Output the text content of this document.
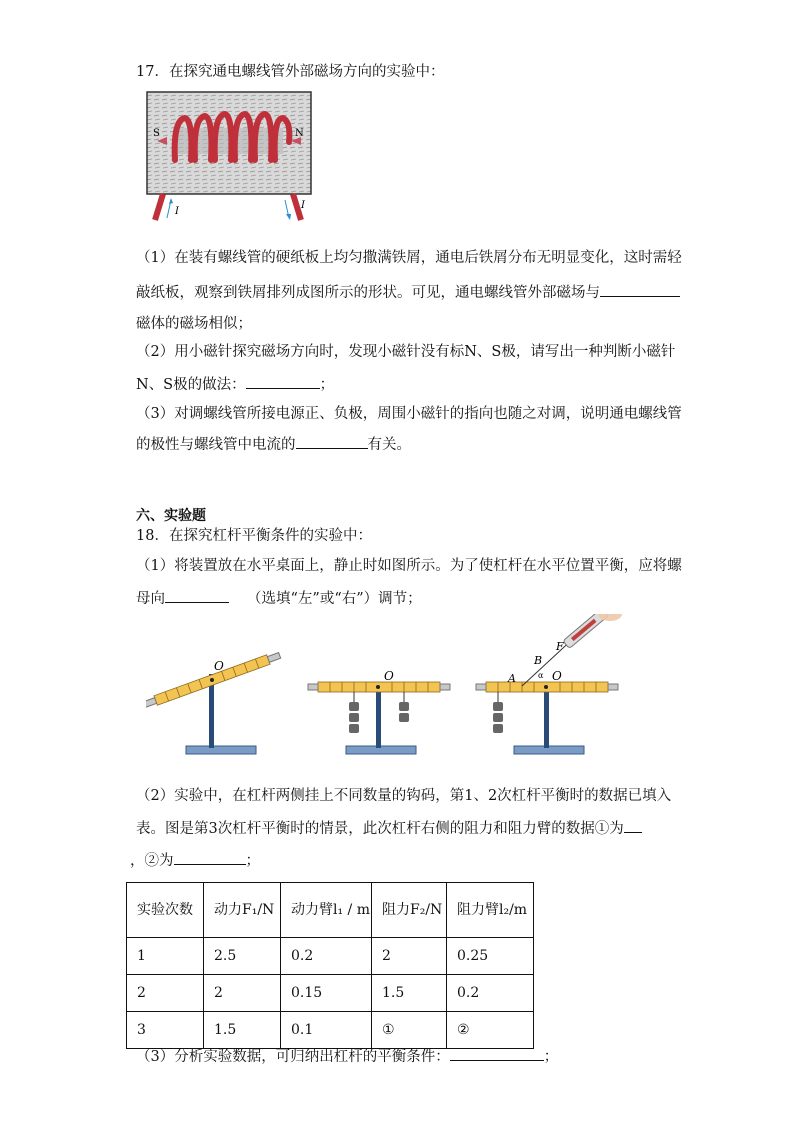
17．在探究通电螺线管外部磁场方向的实验中：
S	N
I
I
（1）在装有螺线管的硬纸板上均匀撒满铁屑，通电后铁屑分布无明显变化，这时需轻
敲纸板，观察到铁屑排列成图所示的形状。可见，通电螺线管外部磁场与
磁体的磁场相似；
（2）用小磁针探究磁场方向时，发现小磁针没有标N、S极，请写出一种判断小磁针
N、S极的做法：	；
（3）对调螺线管所接电源正、负极，周围小磁针的指向也随之对调，说明通电螺线管
的极性与螺线管中电流的	有关。
六、实验题
18．在探究杠杆平衡条件的实验中：
（1）将装置放在水平桌面上，静止时如图所示。为了使杠杆在水平位置平衡，应将螺
母向	（选填“左”或“右”）调节；
O
O	O
A
B
F
α
（2）实验中，在杠杆两侧挂上不同数量的钩码，第1、2次杠杆平衡时的数据已填入
表。图是第3次杠杆平衡时的情景，此次杠杆右侧的阻力和阻力臂的数据①为
，②为	；
实验次数	动力F₁/N	动力臂l₁ / m	阻力F₂/N	阻力臂l₂/m
1	2.5	0.2	2	0.25
2	2	0.15	1.5	0.2
3	1.5	0.1	①	②
（3）分析实验数据，可归纳出杠杆的平衡条件：	；
